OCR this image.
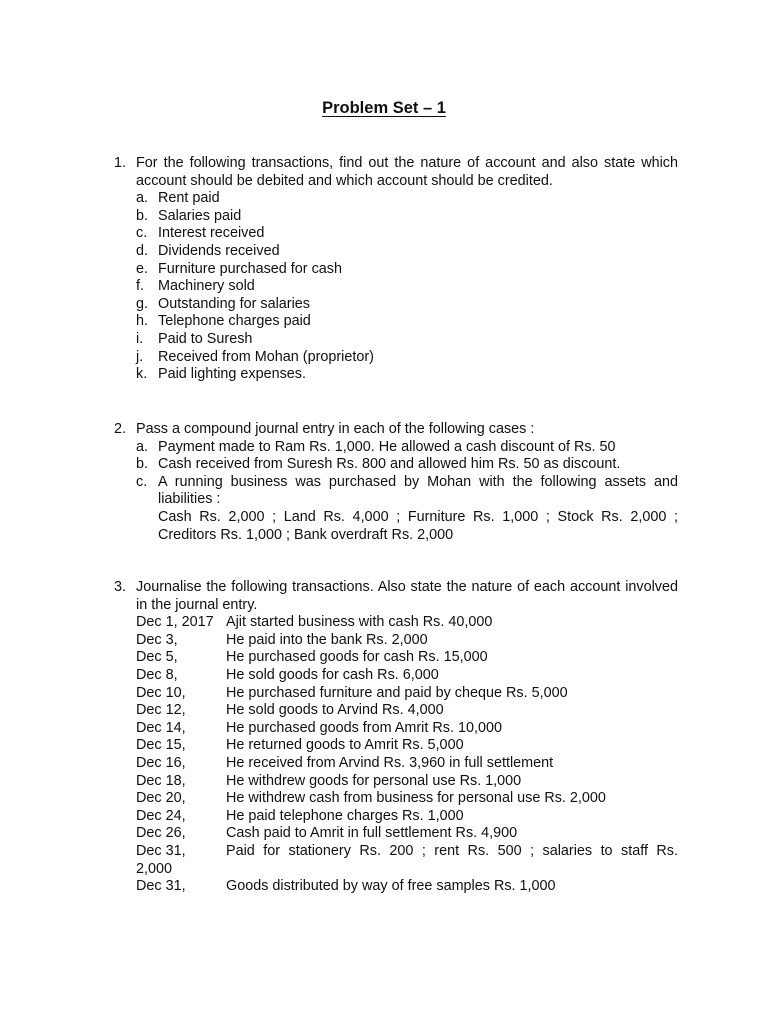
Problem Set – 1
1. For the following transactions, find out the nature of account and also state which account should be debited and which account should be credited.
a. Rent paid
b. Salaries paid
c. Interest received
d. Dividends received
e. Furniture purchased for cash
f. Machinery sold
g. Outstanding for salaries
h. Telephone charges paid
i.	Paid to Suresh
j.	Received from Mohan (proprietor)
k. Paid lighting expenses.
2. Pass a compound journal entry in each of the following cases :
a. Payment made to Ram Rs. 1,000. He allowed a cash discount of Rs. 50
b. Cash received from Suresh Rs. 800 and allowed him Rs. 50 as discount.
c. A running business was purchased by Mohan with the following assets and liabilities :
Cash Rs. 2,000 ; Land Rs. 4,000 ; Furniture Rs. 1,000 ; Stock Rs. 2,000 ;
Creditors Rs. 1,000 ; Bank overdraft Rs. 2,000
3. Journalise the following transactions. Also state the nature of each account involved in the journal entry.
Dec 1, 2017 Ajit started business with cash Rs. 40,000
Dec 3,	He paid into the bank Rs. 2,000
Dec 5,	He purchased goods for cash Rs. 15,000
Dec 8,	He sold goods for cash Rs. 6,000
Dec 10,	He purchased furniture and paid by cheque Rs. 5,000
Dec 12,	He sold goods to Arvind Rs. 4,000
Dec 14,	He purchased goods from Amrit Rs. 10,000
Dec 15,	He returned goods to Amrit Rs. 5,000
Dec 16,	He received from Arvind Rs. 3,960 in full settlement
Dec 18,	He withdrew goods for personal use Rs. 1,000
Dec 20,	He withdrew cash from business for personal use Rs. 2,000
Dec 24,	He paid telephone charges Rs. 1,000
Dec 26,	Cash paid to Amrit in full settlement Rs. 4,900
Dec 31,	Paid for stationery Rs. 200 ; rent Rs. 500 ; salaries to staff Rs.
2,000
Dec 31,	Goods distributed by way of free samples Rs. 1,000
